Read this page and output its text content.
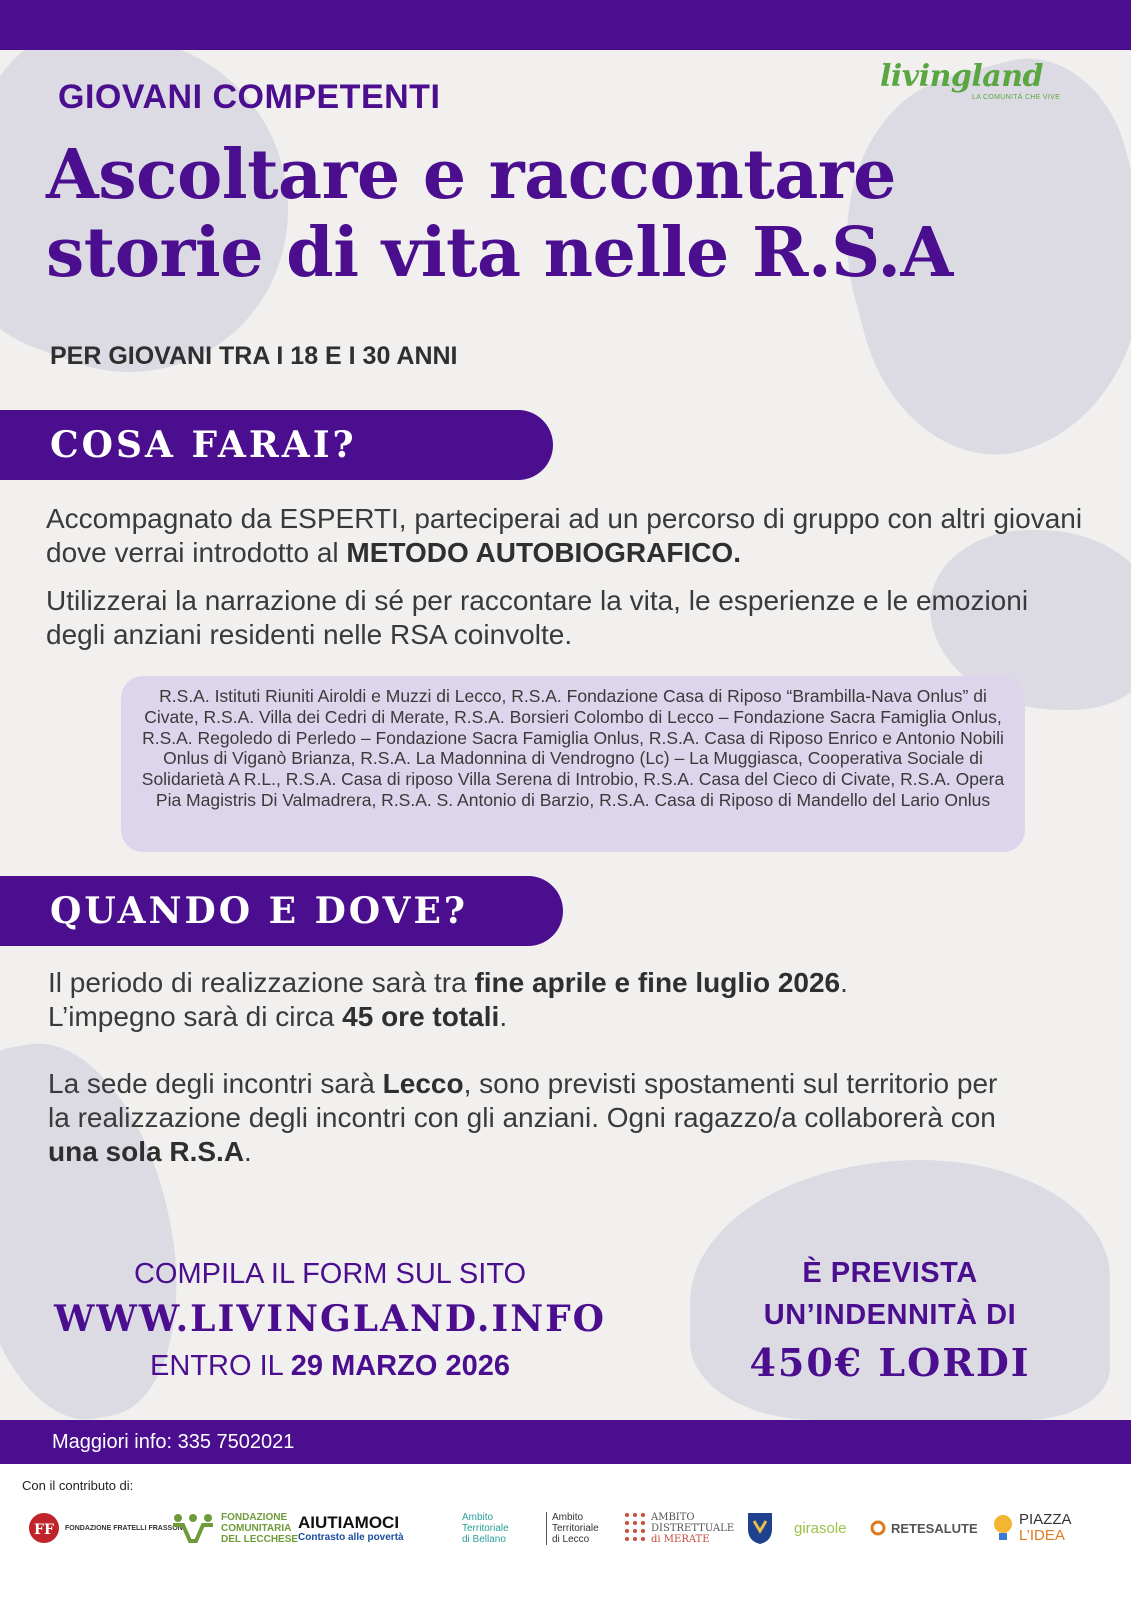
livingland
LA COMUNITÀ CHE VIVE
GIOVANI COMPETENTI
Ascoltare e raccontare
storie di vita nelle R.S.A
PER GIOVANI TRA I 18 E I 30 ANNI
COSA FARAI?
Accompagnato da ESPERTI, parteciperai ad un percorso di gruppo con altri giovani dove verrai introdotto al METODO AUTOBIOGRAFICO.
Utilizzerai la narrazione di sé per raccontare la vita, le esperienze e le emozioni degli anziani residenti nelle RSA coinvolte.
R.S.A. Istituti Riuniti Airoldi e Muzzi di Lecco, R.S.A. Fondazione Casa di Riposo “Brambilla-Nava Onlus” di Civate, R.S.A. Villa dei Cedri di Merate, R.S.A. Borsieri Colombo di Lecco – Fondazione Sacra Famiglia Onlus, R.S.A. Regoledo di Perledo – Fondazione Sacra Famiglia Onlus, R.S.A. Casa di Riposo Enrico e Antonio Nobili Onlus di Viganò Brianza, R.S.A. La Madonnina di Vendrogno (Lc) – La Muggiasca, Cooperativa Sociale di Solidarietà A R.L., R.S.A. Casa di riposo Villa Serena di Introbio, R.S.A. Casa del Cieco di Civate, R.S.A. Opera Pia Magistris Di Valmadrera, R.S.A. S. Antonio di Barzio, R.S.A. Casa di Riposo di Mandello del Lario Onlus
QUANDO E DOVE?
Il periodo di realizzazione sarà tra fine aprile e fine luglio 2026.
L’impegno sarà di circa 45 ore totali.
La sede degli incontri sarà Lecco, sono previsti spostamenti sul territorio per la realizzazione degli incontri con gli anziani. Ogni ragazzo/a collaborerà con una sola R.S.A.
COMPILA IL FORM SUL SITO
WWW.LIVINGLAND.INFO
ENTRO IL 29 MARZO 2026
È PREVISTA
UN’INDENNITÀ DI
450€ LORDI
Maggiori info: 335 7502021
Con il contributo di:
FF FONDAZIONE FRATELLI FRASSONI
FONDAZIONE
COMUNITARIA
DEL LECCHESE
AIUTIAMOCI
Contrasto alle povertà
Ambito
Territoriale
di Bellano
Ambito
Territoriale
di Lecco
AMBITO
DISTRETTUALE
di MERATE
girasole	RETESALUTE	PIAZZA
L’IDEA
